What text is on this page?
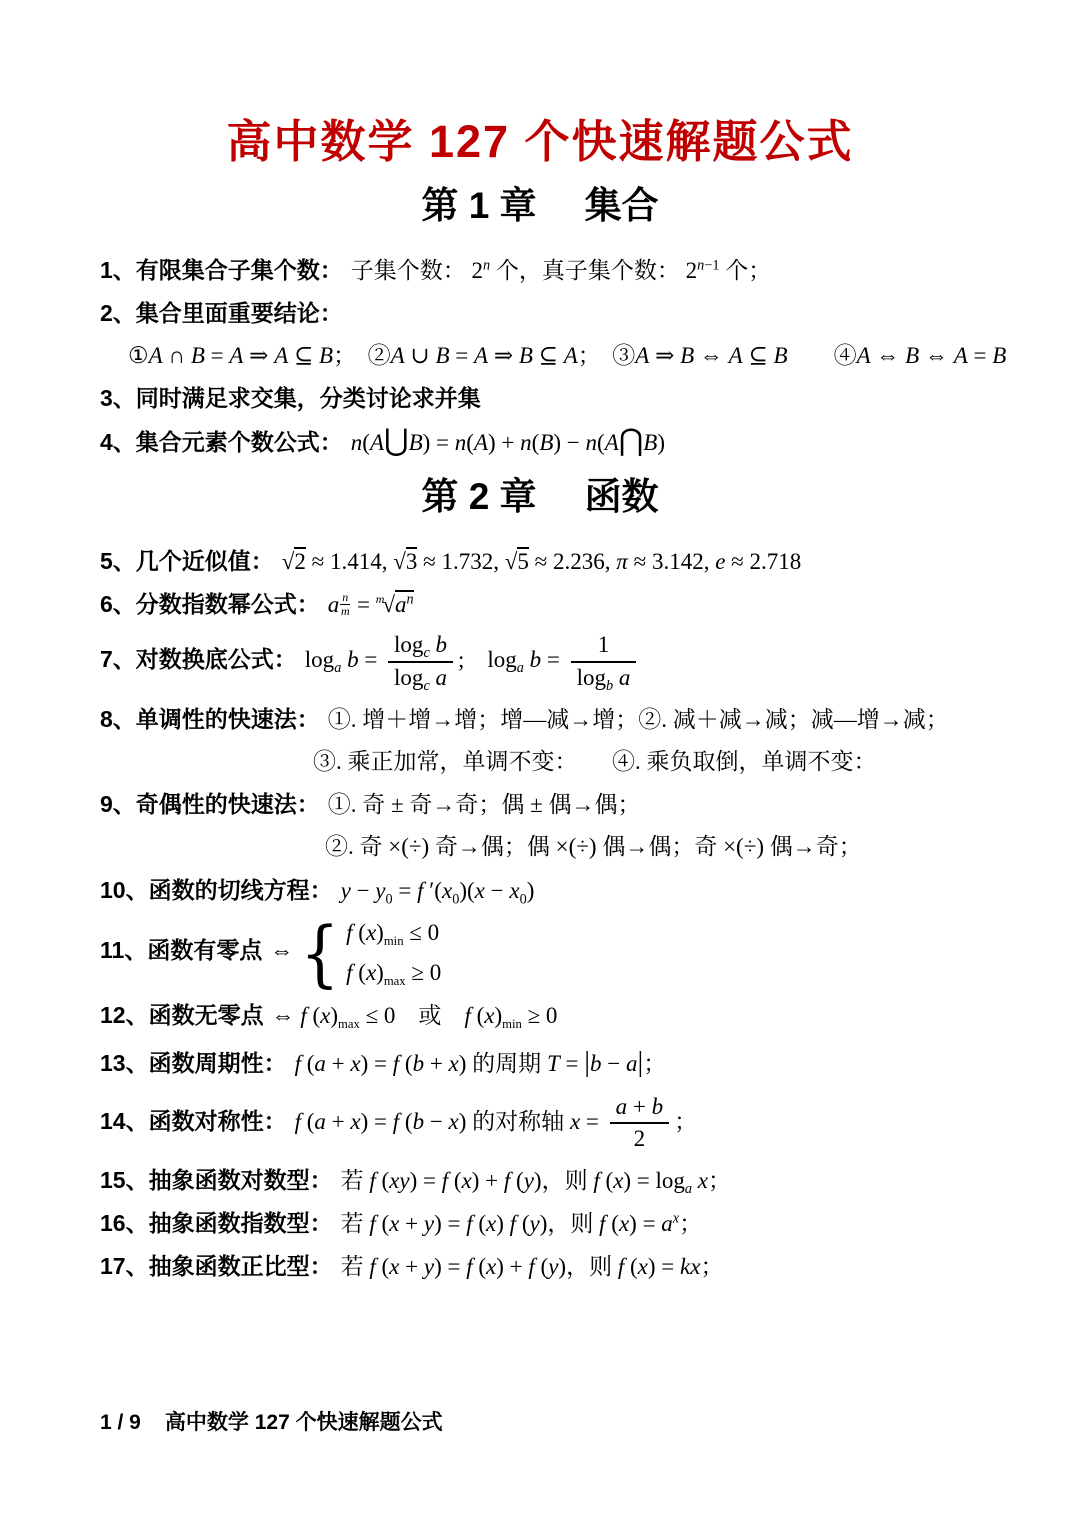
高中数学 127 个快速解题公式
第 1 章 集合
1、有限集合子集个数： 子集个数： 2$^n$ 个，真子集个数： $2^{n-1}$ 个；
2、集合里面重要结论：
①A ∩ B = A ⇒ A ⊆ B；  ②A ∪ B = A ⇒ B ⊆ A；  ③A ⇒ B ⇔ A ⊆ B　　④A ⇔ B ⇔ A = B
3、同时满足求交集，分类讨论求并集
4、集合元素个数公式： n(A⋃B) = n(A) + n(B) − n(A⋂B)
第 2 章 函数
5、几个近似值： √2 ≈ 1.414, √3 ≈ 1.732, √5 ≈ 2.236, π ≈ 3.142, e ≈ 2.718
6、分数指数幂公式： a $\frac{n}{m} = ^m√a^n$
7、对数换底公式： $\log_a b = \frac{\log_c b}{\log_c a}$ ;　$\log_a b = \frac{1}{\log_b a}$
8、单调性的快速法： ①. 增＋增→增；增—减→增；②. 减＋减→减；减—增→减；
③. 乘正加常，单调不变：　　④. 乘负取倒，单调不变：
9、奇偶性的快速法： ①. 奇 ± 奇→奇；偶 ± 偶→偶；
②. 奇 ×(÷) 奇→偶；偶 ×(÷) 偶→偶；奇 ×(÷) 偶→奇；
10、函数的切线方程： $y - y_0 = f$ $'(x_0)(x - x_0)$
11、函数有零点 ⇔ { f $(x)_{min} \le 0$
f $(x)_{max} \ge 0$
12、函数无零点 ⇔ f $(x)_{max} \le 0$　或　f $(x)_{min} \ge 0$
13、函数周期性： f (a + x) = f (b + x) 的周期 T = |b − a|；
14、函数对称性： f (a + x) = f (b − x) 的对称轴 $x = \frac{a + b}{2}$ ；
15、抽象函数对数型： 若 f (xy) = f (x) + f (y)，则 f $(x) = \log_a x$；
16、抽象函数指数型： 若 f (x + y) = f (x) f (y)，则 f $(x) = a^x$；
17、抽象函数正比型： 若 f (x + y) = f (x) + f (y)，则 f (x) = kx；
1 / 9 高中数学 127 个快速解题公式
